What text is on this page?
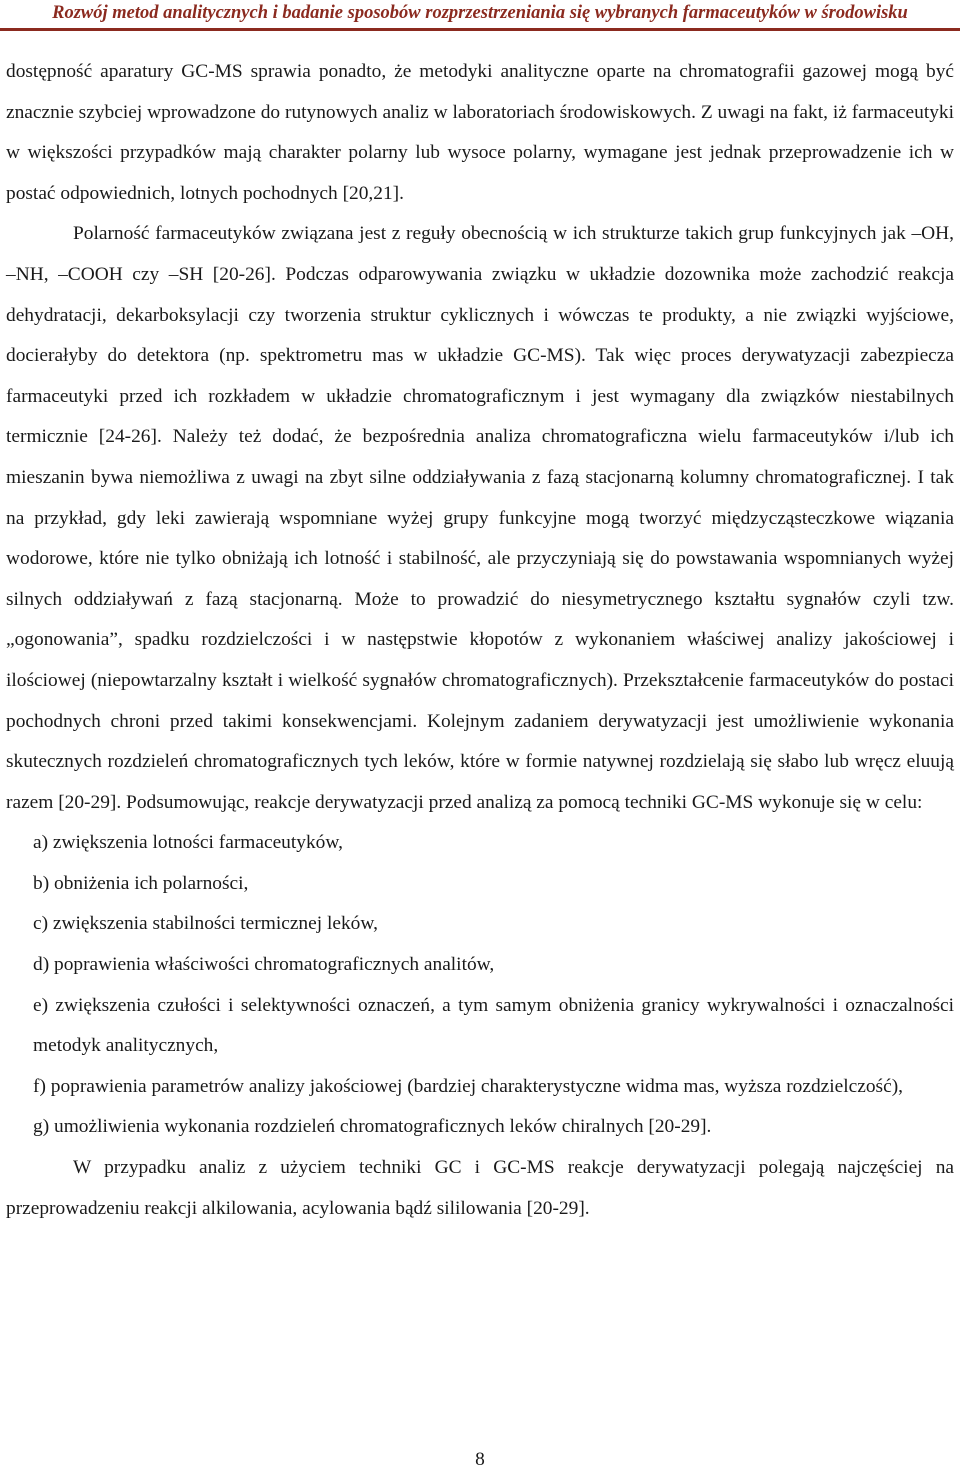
Rozwój metod analitycznych i badanie sposobów rozprzestrzeniania się wybranych farmaceutyków w środowisku

dostępność aparatury GC-MS sprawia ponadto, że metodyki analityczne oparte na chromatografii gazowej mogą być znacznie szybciej wprowadzone do rutynowych analiz w laboratoriach środowiskowych. Z uwagi na fakt, iż farmaceutyki w większości przypadków mają charakter polarny lub wysoce polarny, wymagane jest jednak przeprowadzenie ich w postać odpowiednich, lotnych pochodnych [20,21].

Polarność farmaceutyków związana jest z reguły obecnością w ich strukturze takich grup funkcyjnych jak –OH, –NH, –COOH czy –SH [20-26]. Podczas odparowywania związku w układzie dozownika może zachodzić reakcja dehydratacji, dekarboksylacji czy tworzenia struktur cyklicznych i wówczas te produkty, a nie związki wyjściowe, docierałyby do detektora (np. spektrometru mas w układzie GC-MS). Tak więc proces derywatyzacji zabezpiecza farmaceutyki przed ich rozkładem w układzie chromatograficznym i jest wymagany dla związków niestabilnych termicznie [24-26]. Należy też dodać, że bezpośrednia analiza chromatograficzna wielu farmaceutyków i/lub ich mieszanin bywa niemożliwa z uwagi na zbyt silne oddziaływania z fazą stacjonarną kolumny chromatograficznej. I tak na przykład, gdy leki zawierają wspomniane wyżej grupy funkcyjne mogą tworzyć międzycząsteczkowe wiązania wodorowe, które nie tylko obniżają ich lotność i stabilność, ale przyczyniają się do powstawania wspomnianych wyżej silnych oddziaływań z fazą stacjonarną. Może to prowadzić do niesymetrycznego kształtu sygnałów czyli tzw. „ogonowania”, spadku rozdzielczości i w następstwie kłopotów z wykonaniem właściwej analizy jakościowej i ilościowej (niepowtarzalny kształt i wielkość sygnałów chromatograficznych). Przekształcenie farmaceutyków do postaci pochodnych chroni przed takimi konsekwencjami. Kolejnym zadaniem derywatyzacji jest umożliwienie wykonania skutecznych rozdzieleń chromatograficznych tych leków, które w formie natywnej rozdzielają się słabo lub wręcz eluują razem [20-29]. Podsumowując, reakcje derywatyzacji przed analizą za pomocą techniki GC-MS wykonuje się w celu:

a) zwiększenia lotności farmaceutyków,

b) obniżenia ich polarności,

c) zwiększenia stabilności termicznej leków,

d) poprawienia właściwości chromatograficznych analitów,

e) zwiększenia czułości i selektywności oznaczeń, a tym samym obniżenia granicy wykrywalności i oznaczalności metodyk analitycznych,

f) poprawienia parametrów analizy jakościowej (bardziej charakterystyczne widma mas, wyższa rozdzielczość),

g) umożliwienia wykonania rozdzieleń chromatograficznych leków chiralnych [20-29].

W przypadku analiz z użyciem techniki GC i GC-MS reakcje derywatyzacji polegają najczęściej na przeprowadzeniu reakcji alkilowania, acylowania bądź sililowania [20-29].

8
